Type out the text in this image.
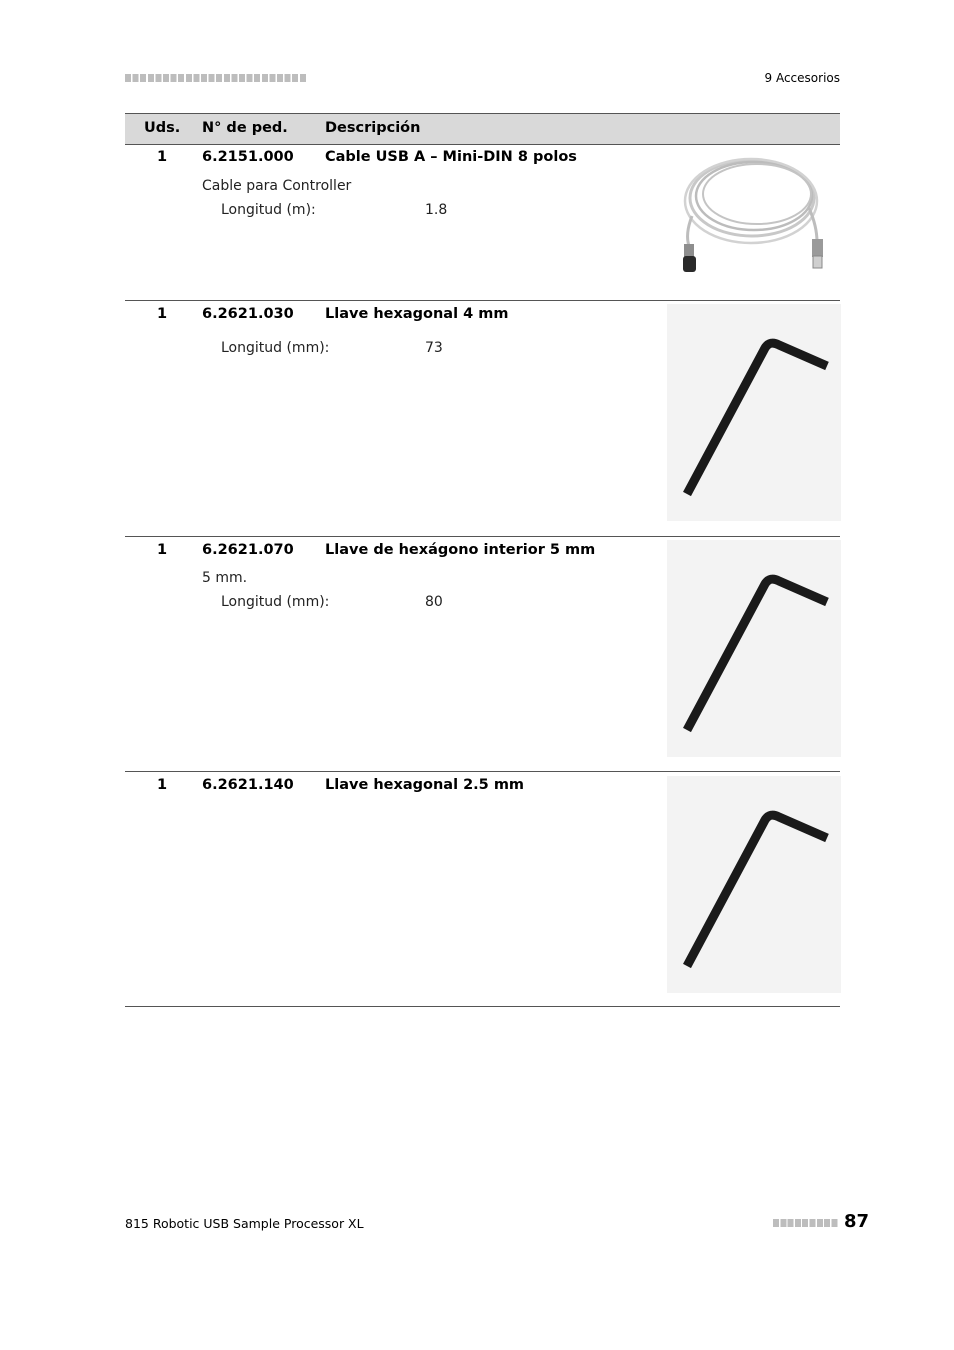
9 Accesorios
Uds. N° de ped.	Descripción
1 6.2151.000 Cable USB A – Mini-DIN 8 polos
Cable para Controller
Longitud (m):	1.8
1 6.2621.030 Llave hexagonal 4 mm
Longitud (mm):	73
1 6.2621.070 Llave de hexágono interior 5 mm
5 mm.
Longitud (mm):	80
1 6.2621.140 Llave hexagonal 2.5 mm
815 Robotic USB Sample Processor XL	87
